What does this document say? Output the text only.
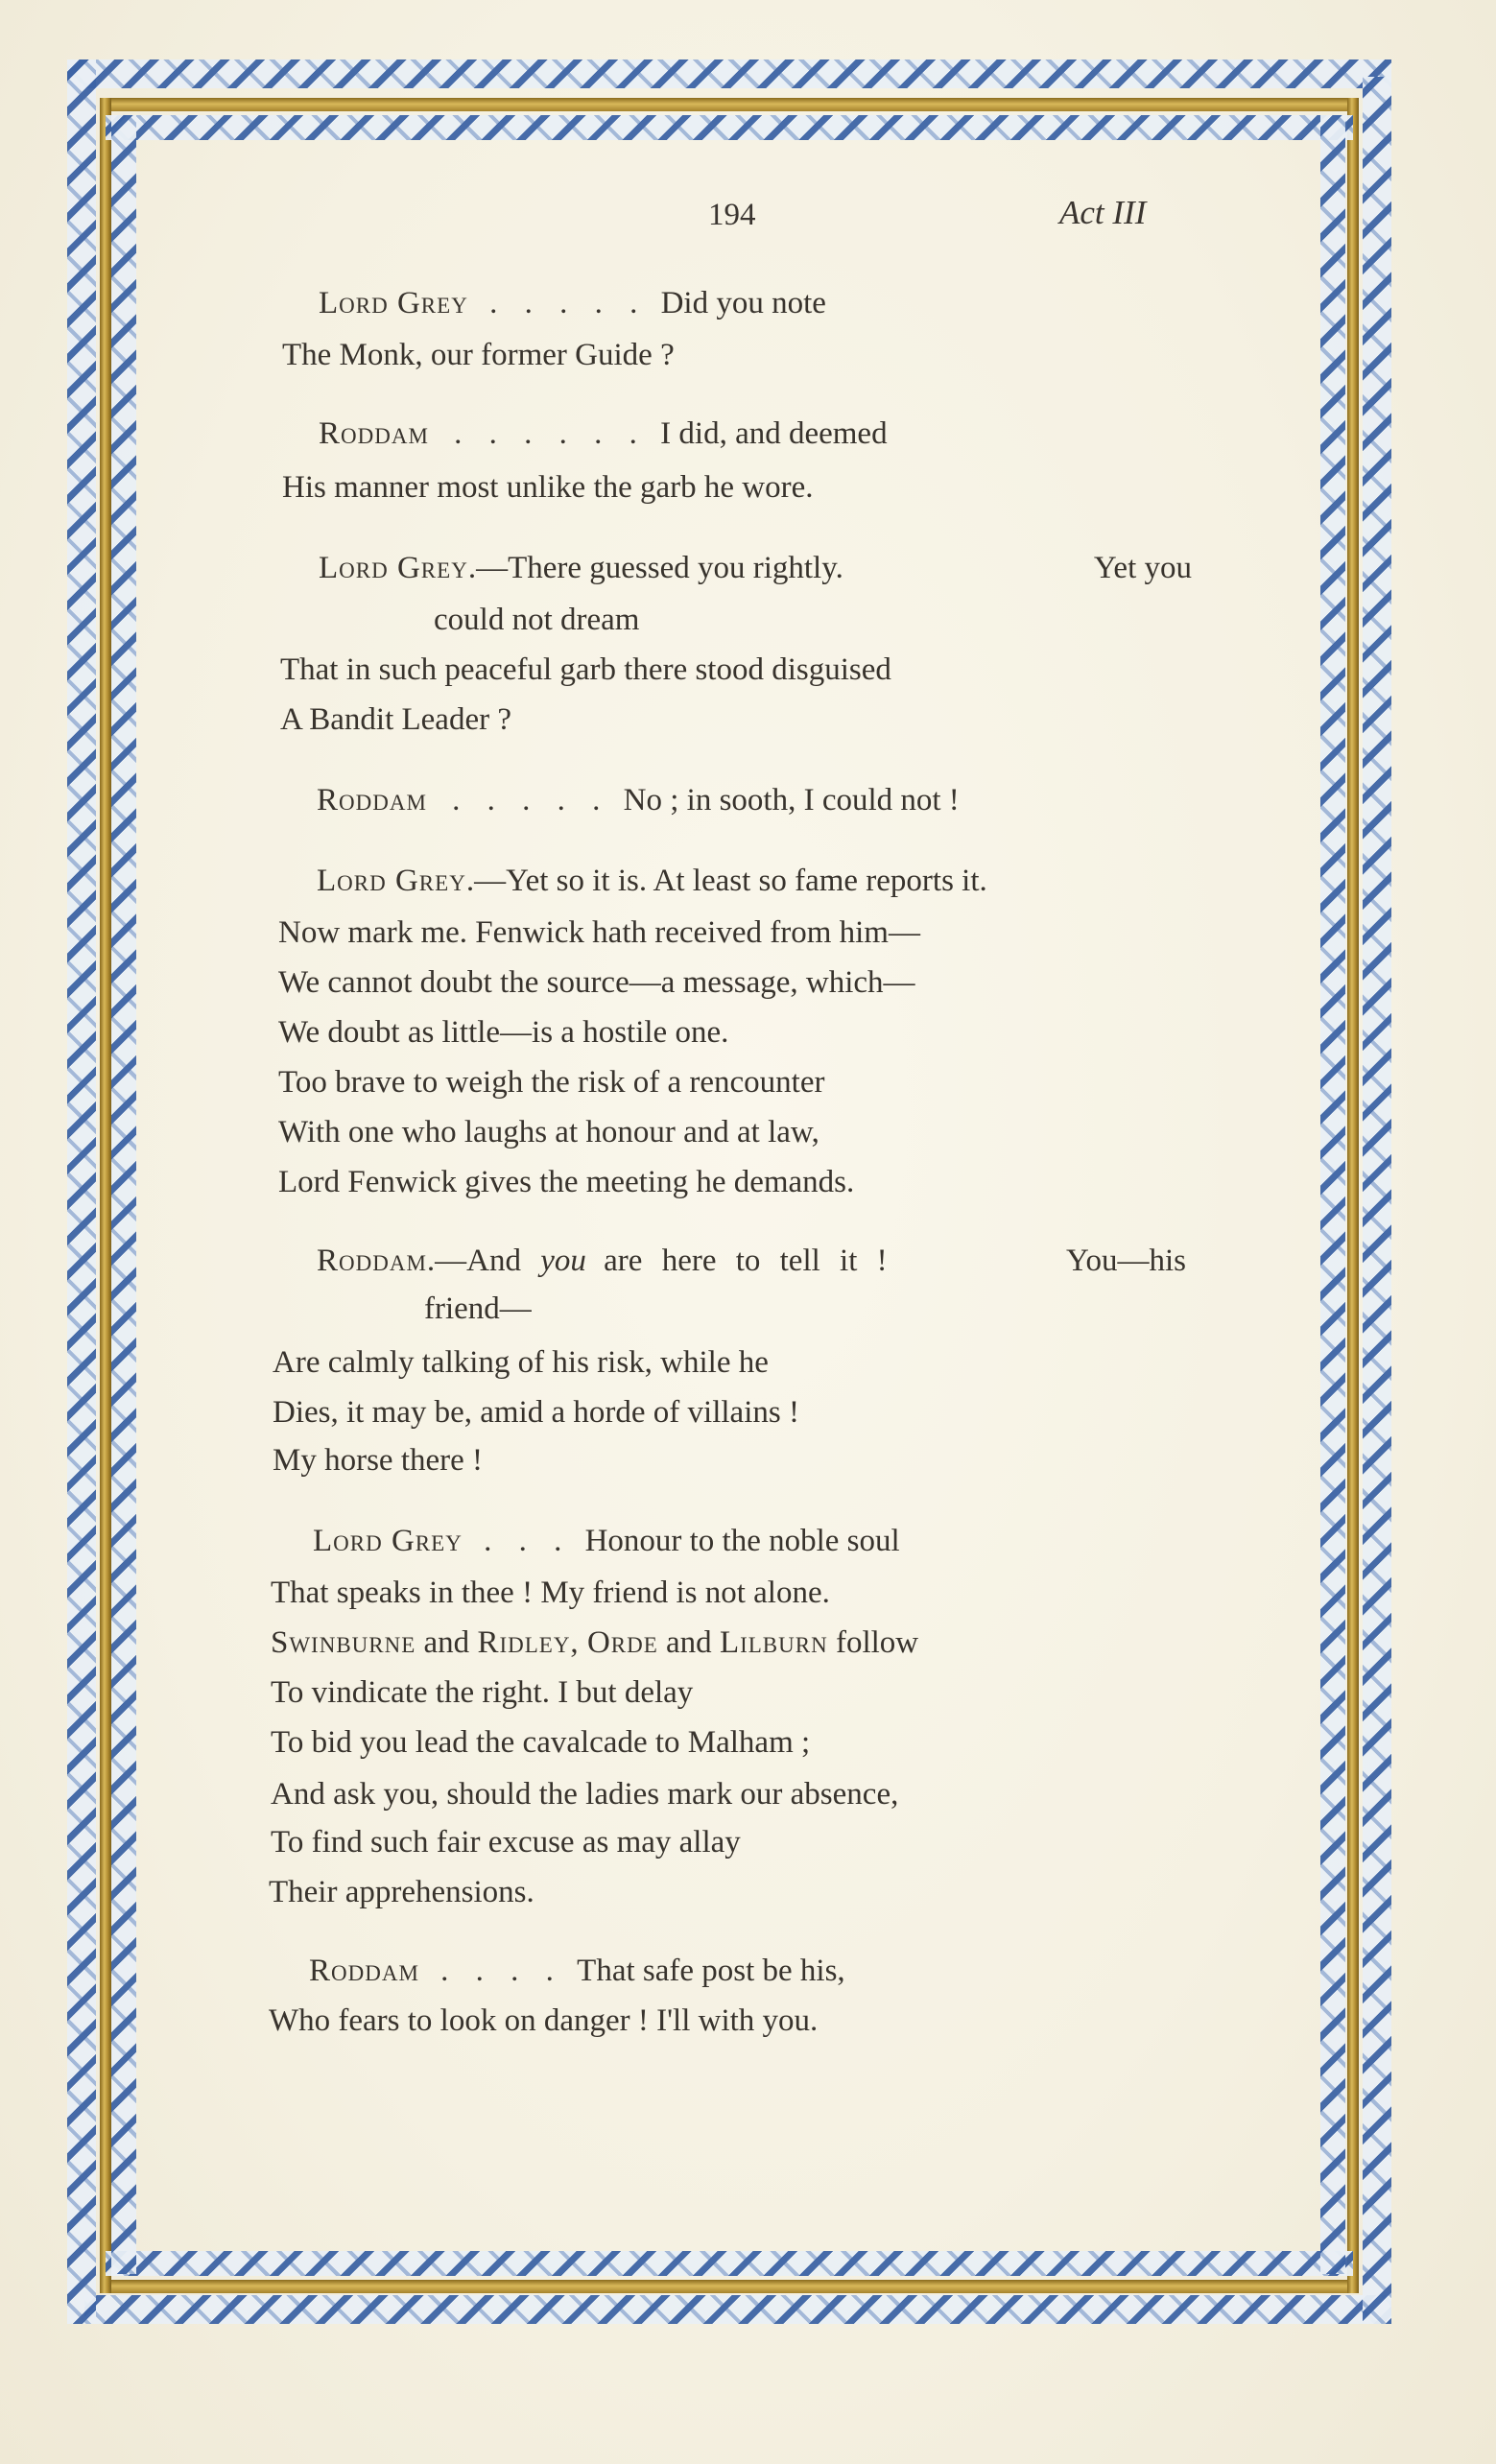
194	Act III
Lord Grey . . . . . Did you note
The Monk, our former Guide ?
Roddam . . . . . . I did, and deemed
His manner most unlike the garb he wore.
Lord Grey.—There guessed you rightly.	Yet you
could not dream
That in such peaceful garb there stood disguised
A Bandit Leader ?
Roddam . . . . . No ; in sooth, I could not !
Lord Grey.—Yet so it is. At least so fame reports it.
Now mark me. Fenwick hath received from him—
We cannot doubt the source—a message, which—
We doubt as little—is a hostile one.
Too brave to weigh the risk of a rencounter
With one who laughs at honour and at law,
Lord Fenwick gives the meeting he demands.
Roddam.—And you are here to tell it !	You—his
friend—
Are calmly talking of his risk, while he
Dies, it may be, amid a horde of villains !
My horse there !
Lord Grey . . . Honour to the noble soul
That speaks in thee ! My friend is not alone.
Swinburne and Ridley, Orde and Lilburn follow
To vindicate the right. I but delay
To bid you lead the cavalcade to Malham ;
And ask you, should the ladies mark our absence,
To find such fair excuse as may allay
Their apprehensions.
Roddam . . . . That safe post be his,
Who fears to look on danger ! I'll with you.
